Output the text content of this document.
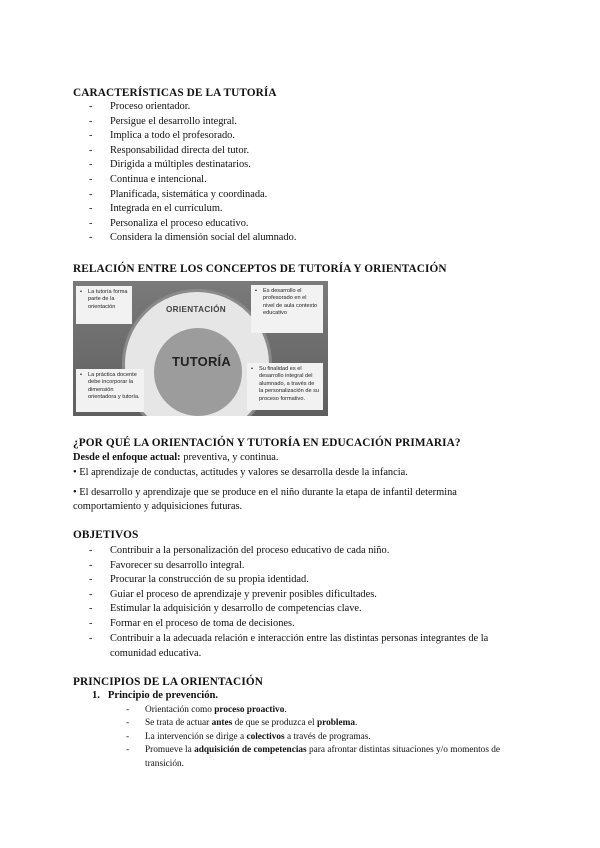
CARACTERÍSTICAS DE LA TUTORÍA
- Proceso orientador.
- Persigue el desarrollo integral.
- Implica a todo el profesorado.
- Responsabilidad directa del tutor.
- Dirigida a múltiples destinatarios.
- Continua e intencional.
- Planificada, sistemática y coordinada.
- Integrada en el currículum.
- Personaliza el proceso educativo.
- Considera la dimensión social del alumnado.
RELACIÓN ENTRE LOS CONCEPTOS DE TUTORÍA Y ORIENTACIÓN
ORIENTACIÓN
TUTORÍA
• La tutoría forma parte de la orientación
• Es desarrollo el profesorado en el nivel de aula contexto educativo
• La práctica docente debe incorporar la dimensión orientadora y tutoría.
• Su finalidad es el desarrollo integral del alumnado, a través de la personalización de su proceso formativo.
¿POR QUÉ LA ORIENTACIÓN Y TUTORÍA EN EDUCACIÓN PRIMARIA?
Desde el enfoque actual: preventiva, y continua.
• El aprendizaje de conductas, actitudes y valores se desarrolla desde la infancia.
• El desarrollo y aprendizaje que se produce en el niño durante la etapa de infantil determina comportamiento y adquisiciones futuras.
OBJETIVOS
- Contribuir a la personalización del proceso educativo de cada niño.
- Favorecer su desarrollo integral.
- Procurar la construcción de su propia identidad.
- Guiar el proceso de aprendizaje y prevenir posibles dificultades.
- Estimular la adquisición y desarrollo de competencias clave.
- Formar en el proceso de toma de decisiones.
- Contribuir a la adecuada relación e interacción entre las distintas personas integrantes de la
comunidad educativa.
PRINCIPIOS DE LA ORIENTACIÓN
1. Principio de prevención.
- Orientación como proceso proactivo.
- Se trata de actuar antes de que se produzca el problema.
- La intervención se dirige a colectivos a través de programas.
- Promueve la adquisición de competencias para afrontar distintas situaciones y/o momentos de transición.
